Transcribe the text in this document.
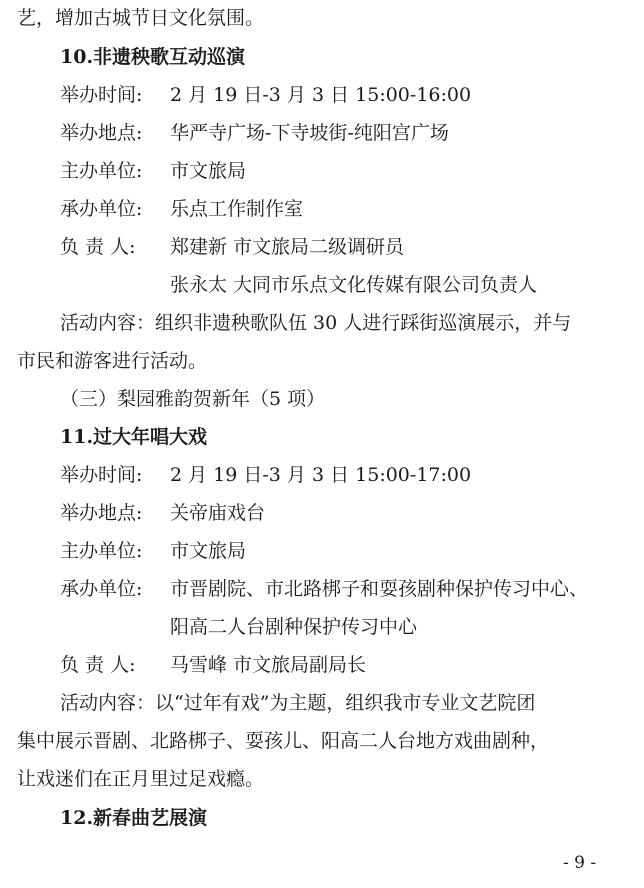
艺，增加古城节日文化氛围。
10.非遗秧歌互动巡演
举办时间: 2 月 19 日-3 月 3 日 15:00-16:00
举办地点: 华严寺广场-下寺坡街-纯阳宫广场
主办单位: 市文旅局
承办单位: 乐点工作制作室
负 责 人: 郑建新 市文旅局二级调研员
张永太 大同市乐点文化传媒有限公司负责人
活动内容：组织非遗秧歌队伍 30 人进行踩街巡演展示，并与
市民和游客进行活动。
（三）梨园雅韵贺新年（5 项）
11.过大年唱大戏
举办时间: 2 月 19 日-3 月 3 日 15:00-17:00
举办地点: 关帝庙戏台
主办单位: 市文旅局
承办单位: 市晋剧院、市北路梆子和耍孩剧种保护传习中心、
阳高二人台剧种保护传习中心
负 责 人: 马雪峰 市文旅局副局长
活动内容：以“过年有戏”为主题，组织我市专业文艺院团
集中展示晋剧、北路梆子、耍孩儿、阳高二人台地方戏曲剧种，
让戏迷们在正月里过足戏瘾。
12.新春曲艺展演
- 9 -
